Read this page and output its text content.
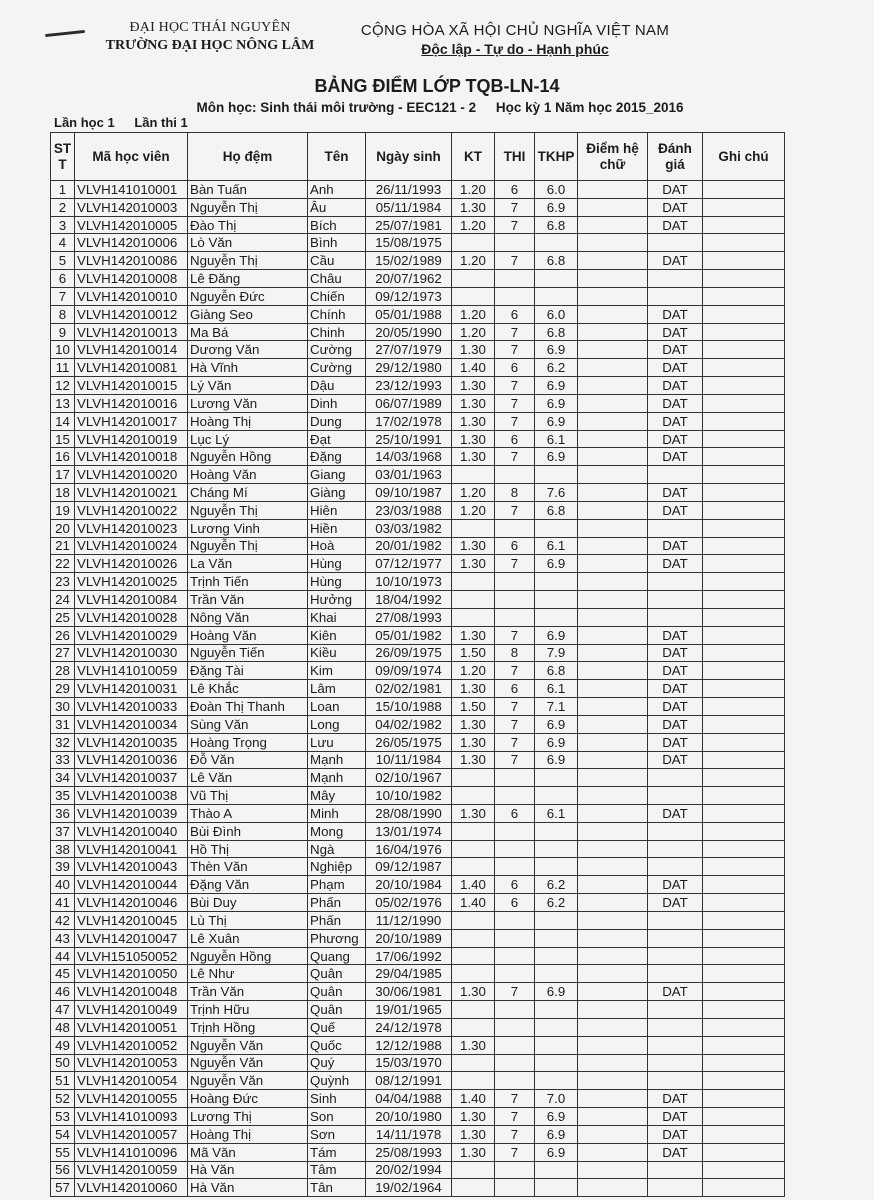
ĐẠI HỌC THÁI NGUYÊN
TRƯỜNG ĐẠI HỌC NÔNG LÂM
CỘNG HÒA XÃ HỘI CHỦ NGHĨA VIỆT NAM
Độc lập - Tự do - Hạnh phúc
BẢNG ĐIỂM LỚP TQB-LN-14
Môn học: Sinh thái môi trường - EEC121 - 2 Học kỳ 1 Năm học 2015_2016
Lần học 1 Lần thi 1
ST T	Mã học viên	Họ đệm	Tên	Ngày sinh	KT	THI	TKHP	Điểm hệ chữ	Đánh giá	Ghi chú
1	VLVH141010001	Bàn Tuấn	Anh	26/11/1993	1.20	6	6.0		DAT	
2	VLVH142010003	Nguyễn Thị	Âu	05/11/1984	1.30	7	6.9		DAT	
3	VLVH142010005	Đào Thị	Bích	25/07/1981	1.20	7	6.8		DAT	
4	VLVH142010006	Lò Văn	Bình	15/08/1975						
5	VLVH142010086	Nguyễn Thị	Cầu	15/02/1989	1.20	7	6.8		DAT	
6	VLVH142010008	Lê Đăng	Châu	20/07/1962						
7	VLVH142010010	Nguyễn Đức	Chiến	09/12/1973						
8	VLVH142010012	Giàng Seo	Chính	05/01/1988	1.20	6	6.0		DAT	
9	VLVH142010013	Ma Bá	Chinh	20/05/1990	1.20	7	6.8		DAT	
10	VLVH142010014	Dương Văn	Cường	27/07/1979	1.30	7	6.9		DAT	
11	VLVH142010081	Hà Vĩnh	Cường	29/12/1980	1.40	6	6.2		DAT	
12	VLVH142010015	Lý Văn	Dậu	23/12/1993	1.30	7	6.9		DAT	
13	VLVH142010016	Lương Văn	Dinh	06/07/1989	1.30	7	6.9		DAT	
14	VLVH142010017	Hoàng Thị	Dung	17/02/1978	1.30	7	6.9		DAT	
15	VLVH142010019	Lục Lý	Đạt	25/10/1991	1.30	6	6.1		DAT	
16	VLVH142010018	Nguyễn Hồng	Đặng	14/03/1968	1.30	7	6.9		DAT	
17	VLVH142010020	Hoàng Văn	Giang	03/01/1963						
18	VLVH142010021	Cháng Mí	Giàng	09/10/1987	1.20	8	7.6		DAT	
19	VLVH142010022	Nguyễn Thị	Hiên	23/03/1988	1.20	7	6.8		DAT	
20	VLVH142010023	Lương Vinh	Hiền	03/03/1982						
21	VLVH142010024	Nguyễn Thị	Hoà	20/01/1982	1.30	6	6.1		DAT	
22	VLVH142010026	La Văn	Hùng	07/12/1977	1.30	7	6.9		DAT	
23	VLVH142010025	Trịnh Tiến	Hùng	10/10/1973						
24	VLVH142010084	Trần Văn	Hưởng	18/04/1992						
25	VLVH142010028	Nông Văn	Khai	27/08/1993						
26	VLVH142010029	Hoàng Văn	Kiên	05/01/1982	1.30	7	6.9		DAT	
27	VLVH142010030	Nguyễn Tiến	Kiều	26/09/1975	1.50	8	7.9		DAT	
28	VLVH141010059	Đặng Tài	Kim	09/09/1974	1.20	7	6.8		DAT	
29	VLVH142010031	Lê Khắc	Lâm	02/02/1981	1.30	6	6.1		DAT	
30	VLVH142010033	Đoàn Thị Thanh	Loan	15/10/1988	1.50	7	7.1		DAT	
31	VLVH142010034	Sùng Văn	Long	04/02/1982	1.30	7	6.9		DAT	
32	VLVH142010035	Hoàng Trọng	Lưu	26/05/1975	1.30	7	6.9		DAT	
33	VLVH142010036	Đỗ Văn	Mạnh	10/11/1984	1.30	7	6.9		DAT	
34	VLVH142010037	Lê Văn	Mạnh	02/10/1967						
35	VLVH142010038	Vũ Thị	Mây	10/10/1982						
36	VLVH142010039	Thào A	Minh	28/08/1990	1.30	6	6.1		DAT	
37	VLVH142010040	Bùi Đình	Mong	13/01/1974						
38	VLVH142010041	Hồ Thị	Ngà	16/04/1976						
39	VLVH142010043	Thèn Văn	Nghiệp	09/12/1987						
40	VLVH142010044	Đặng Văn	Phạm	20/10/1984	1.40	6	6.2		DAT	
41	VLVH142010046	Bùi Duy	Phấn	05/02/1976	1.40	6	6.2		DAT	
42	VLVH142010045	Lù Thị	Phấn	11/12/1990						
43	VLVH142010047	Lê Xuân	Phương	20/10/1989						
44	VLVH151050052	Nguyễn Hồng	Quang	17/06/1992						
45	VLVH142010050	Lê Như	Quân	29/04/1985						
46	VLVH142010048	Trần Văn	Quân	30/06/1981	1.30	7	6.9		DAT	
47	VLVH142010049	Trịnh Hữu	Quân	19/01/1965						
48	VLVH142010051	Trịnh Hồng	Quế	24/12/1978						
49	VLVH142010052	Nguyễn Văn	Quốc	12/12/1988	1.30					
50	VLVH142010053	Nguyễn Văn	Quý	15/03/1970						
51	VLVH142010054	Nguyễn Văn	Quỳnh	08/12/1991						
52	VLVH142010055	Hoàng Đức	Sinh	04/04/1988	1.40	7	7.0		DAT	
53	VLVH141010093	Lương Thị	Son	20/10/1980	1.30	7	6.9		DAT	
54	VLVH142010057	Hoàng Thị	Sơn	14/11/1978	1.30	7	6.9		DAT	
55	VLVH141010096	Mã Văn	Tám	25/08/1993	1.30	7	6.9		DAT	
56	VLVH142010059	Hà Văn	Tâm	20/02/1994						
57	VLVH142010060	Hà Văn	Tân	19/02/1964						
